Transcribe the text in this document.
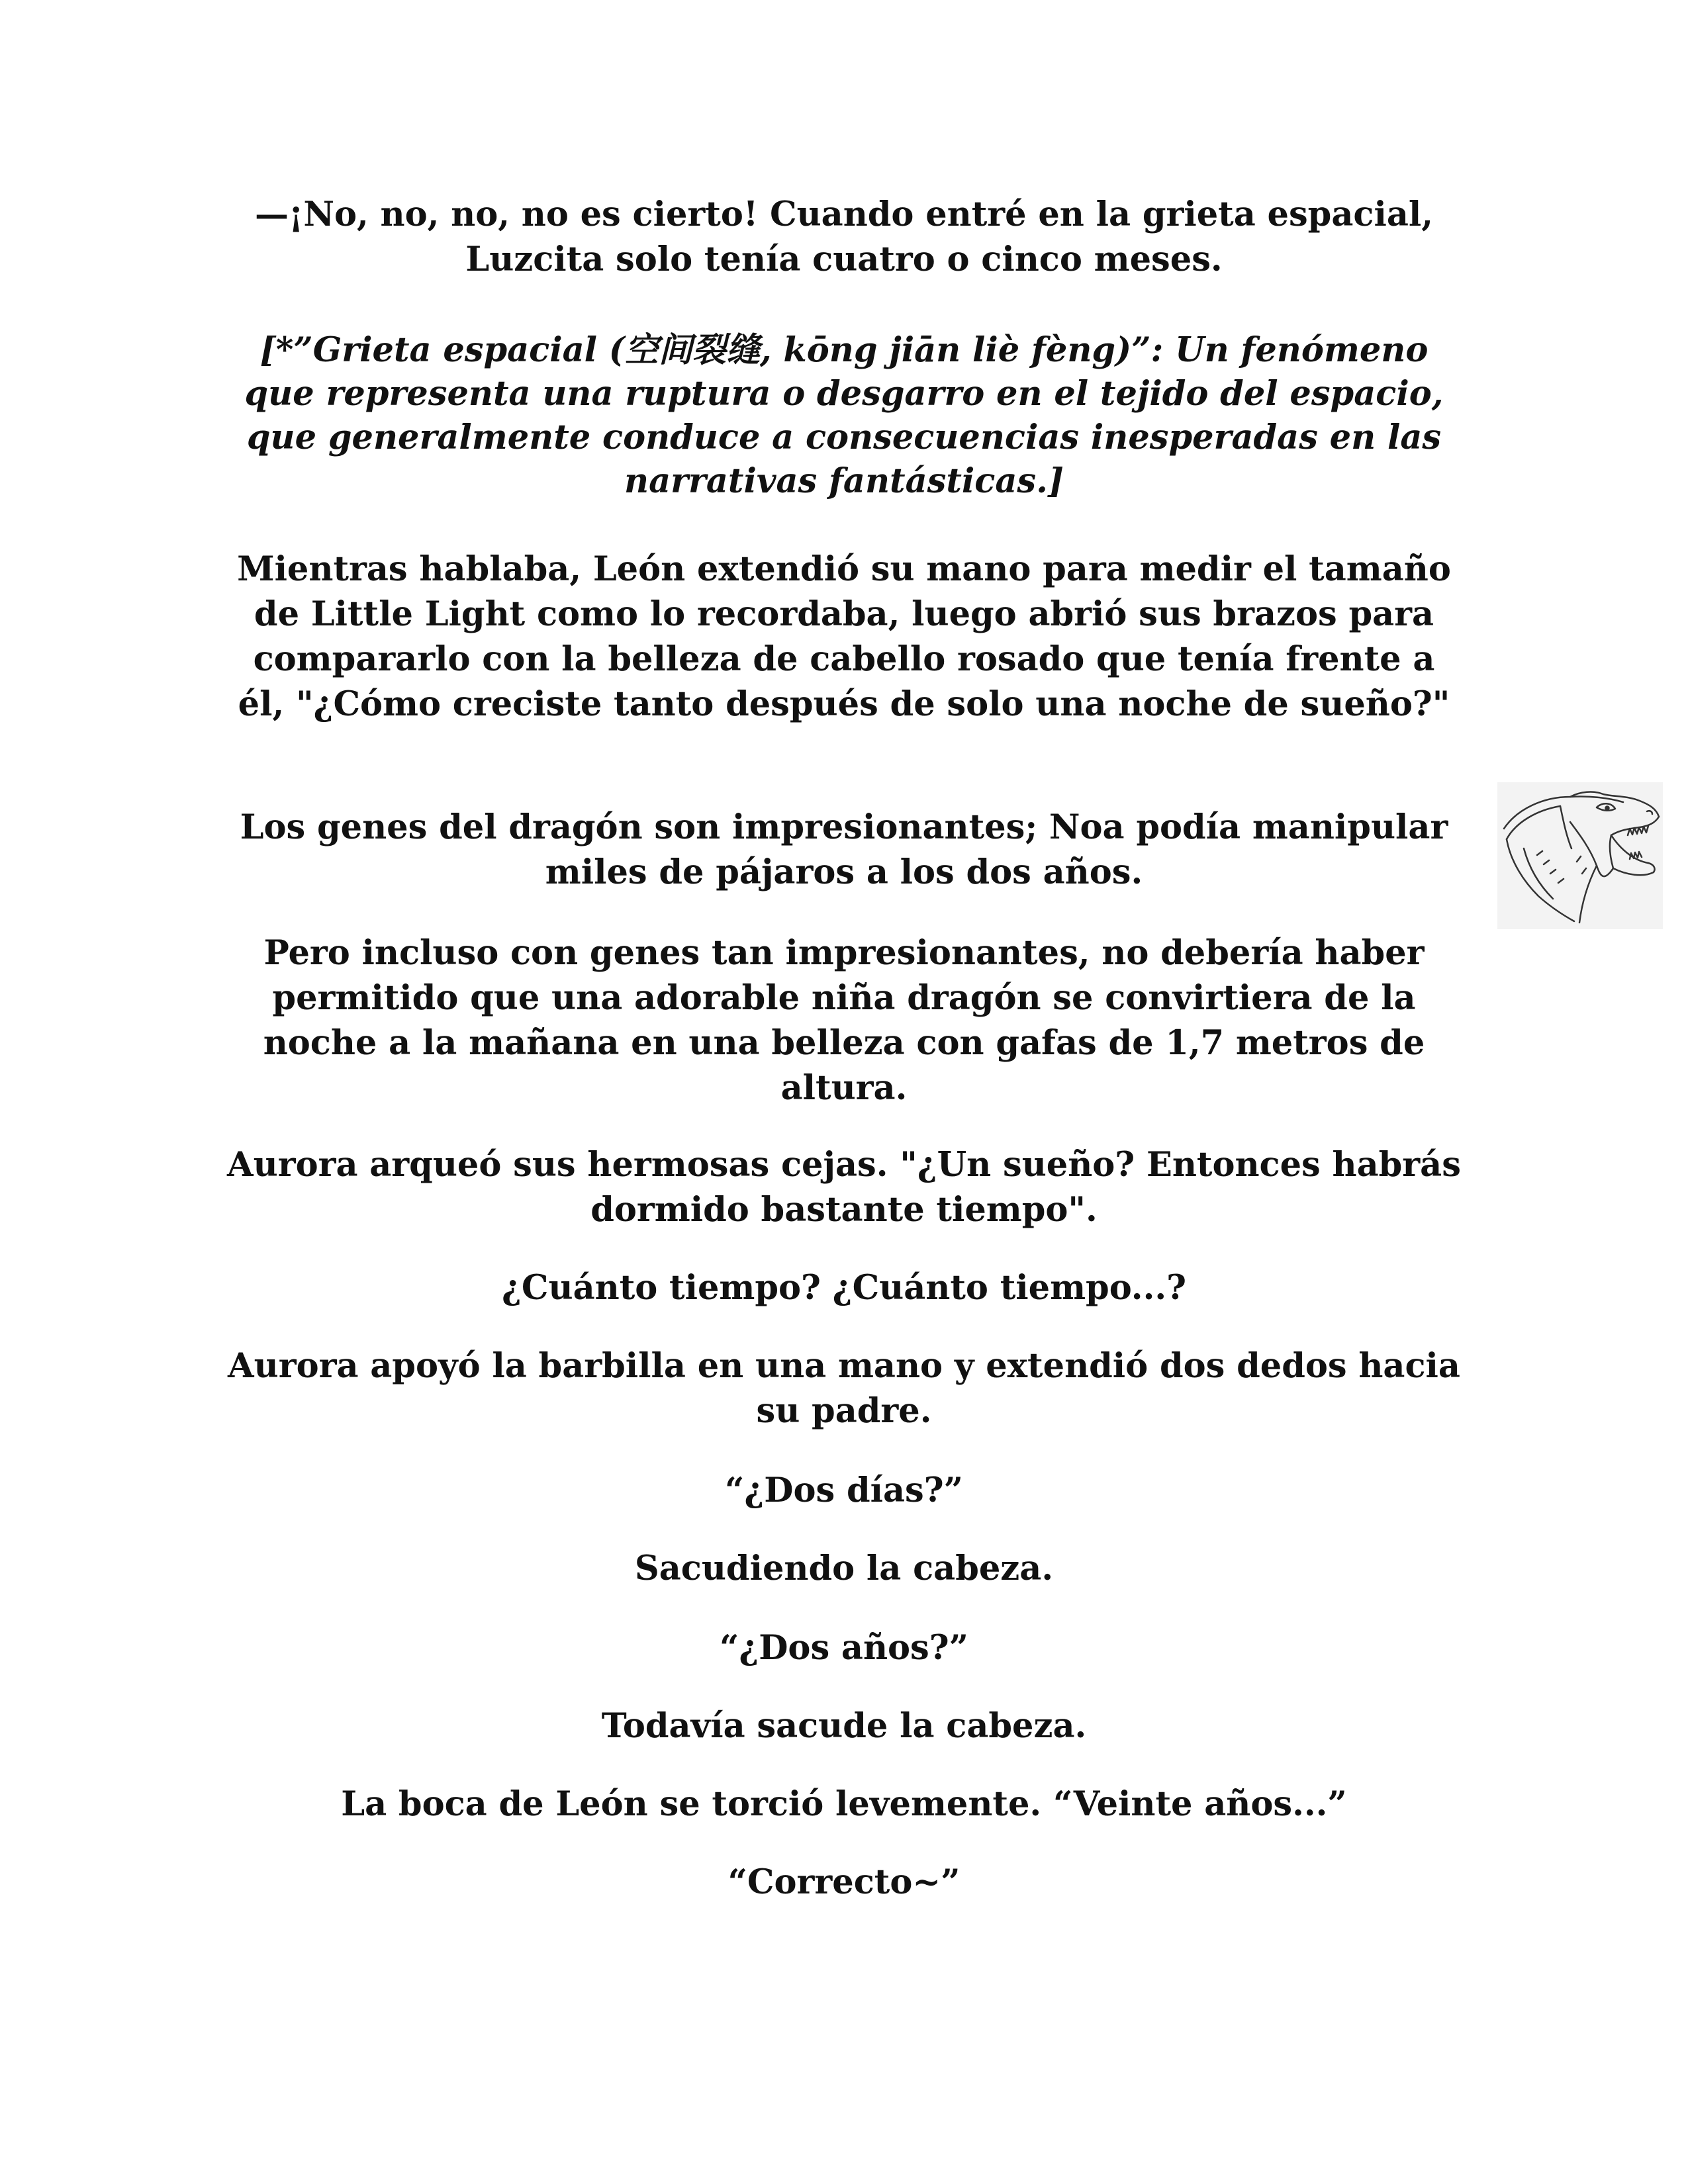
—¡No, no, no, no es cierto! Cuando entré en la grieta espacial, Luzcita solo tenía cuatro o cinco meses.

[*”Grieta espacial (空间裂缝, kōng jiān liè fèng)”: Un fenómeno que representa una ruptura o desgarro en el tejido del espacio, que generalmente conduce a consecuencias inesperadas en las narrativas fantásticas.]

Mientras hablaba, León extendió su mano para medir el tamaño de Little Light como lo recordaba, luego abrió sus brazos para compararlo con la belleza de cabello rosado que tenía frente a él, "¿Cómo creciste tanto después de solo una noche de sueño?"

Los genes del dragón son impresionantes; Noa podía manipular miles de pájaros a los dos años.

Pero incluso con genes tan impresionantes, no debería haber permitido que una adorable niña dragón se convirtiera de la noche a la mañana en una belleza con gafas de 1,7 metros de altura.

Aurora arqueó sus hermosas cejas. "¿Un sueño? Entonces habrás dormido bastante tiempo".

¿Cuánto tiempo? ¿Cuánto tiempo...?

Aurora apoyó la barbilla en una mano y extendió dos dedos hacia su padre.

“¿Dos días?”

Sacudiendo la cabeza.

“¿Dos años?”

Todavía sacude la cabeza.

La boca de León se torció levemente. “Veinte años...”

“Correcto~”
